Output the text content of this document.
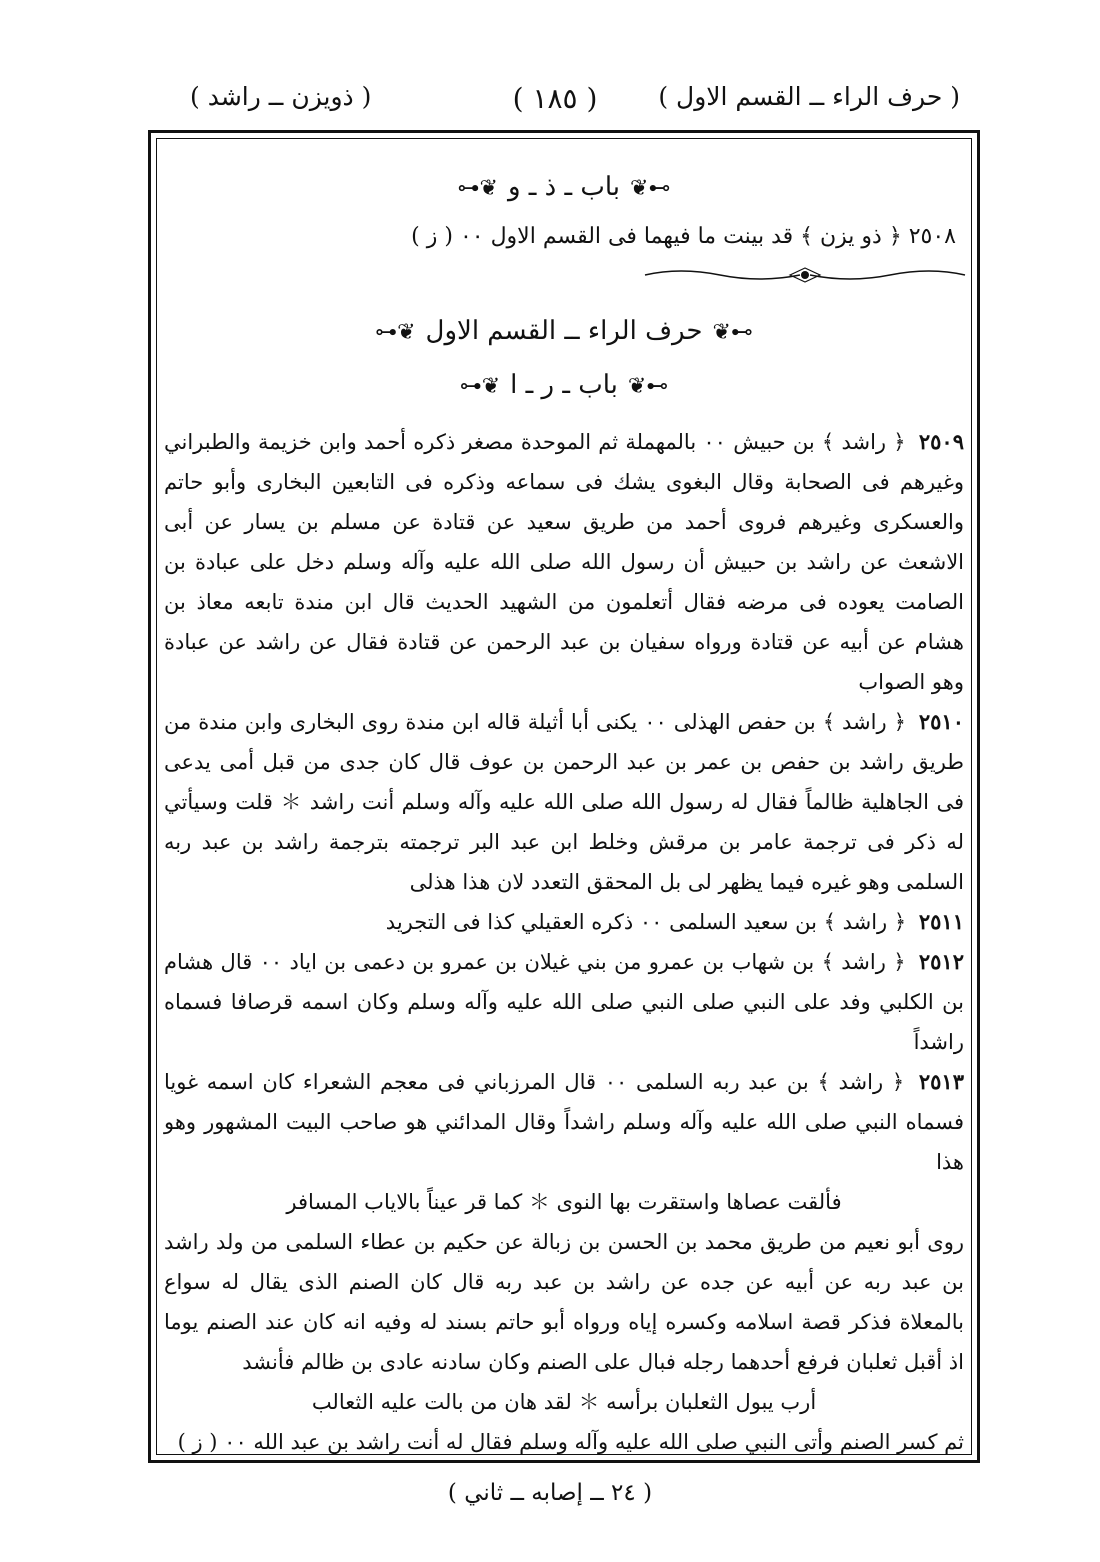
( حرف الراء ــ القسم الاول )
( ١٨٥ )
( ذويزن ــ راشد )
⊶❦باب ـ ذ ـ و❦⊷
٢٥٠٨ ﴿ ذو يزن ﴾ قد بينت ما فيهما فى القسم الاول ٠٠ ( ز )
⊶❦حرف الراء ــ القسم الاول❦⊷
⊶❦باب ـ ر ـ ا❦⊷

٢٥٠٩ ﴿ راشد ﴾ بن حبيش ٠٠ بالمهملة ثم الموحدة مصغر ذكره أحمد وابن خزيمة والطبراني وغيرهم فى الصحابة وقال البغوى يشك فى سماعه وذكره فى التابعين البخارى وأبو حاتم والعسكرى وغيرهم فروى أحمد من طريق سعيد عن قتادة عن مسلم بن يسار عن أبى الاشعث عن راشد بن حبيش أن رسول الله صلى الله عليه وآله وسلم دخل على عبادة بن الصامت يعوده فى مرضه فقال أتعلمون من الشهيد الحديث قال ابن مندة تابعه معاذ بن هشام عن أبيه عن قتادة ورواه سفيان بن عبد الرحمن عن قتادة فقال عن راشد عن عبادة وهو الصواب

٢٥١٠ ﴿ راشد ﴾ بن حفص الهذلى ٠٠ يكنى أبا أثيلة قاله ابن مندة روى البخارى وابن مندة من طريق راشد بن حفص بن عمر بن عبد الرحمن بن عوف قال كان جدى من قبل أمى يدعى فى الجاهلية ظالماً فقال له رسول الله صلى الله عليه وآله وسلم أنت راشد ＊ قلت وسيأتي له ذكر فى ترجمة عامر بن مرقش وخلط ابن عبد البر ترجمته بترجمة راشد بن عبد ربه السلمى وهو غيره فيما يظهر لى بل المحقق التعدد لان هذا هذلى

٢٥١١ ﴿ راشد ﴾ بن سعيد السلمى ٠٠ ذكره العقيلي كذا فى التجريد

٢٥١٢ ﴿ راشد ﴾ بن شهاب بن عمرو من بني غيلان بن عمرو بن دعمى بن اياد ٠٠ قال هشام بن الكلبي وفد على النبي صلى النبي صلى الله عليه وآله وسلم وكان اسمه قرصافا فسماه راشداً

٢٥١٣ ﴿ راشد ﴾ بن عبد ربه السلمى ٠٠ قال المرزباني فى معجم الشعراء كان اسمه غويا فسماه النبي صلى الله عليه وآله وسلم راشداً وقال المدائني هو صاحب البيت المشهور وهو هذا

فألقت عصاها واستقرت بها النوى ＊ كما قر عيناً بالاياب المسافر

روى أبو نعيم من طريق محمد بن الحسن بن زبالة عن حكيم بن عطاء السلمى من ولد راشد بن عبد ربه عن أبيه عن جده عن راشد بن عبد ربه قال كان الصنم الذى يقال له سواع بالمعلاة فذكر قصة اسلامه وكسره إياه ورواه أبو حاتم بسند له وفيه انه كان عند الصنم يوما اذ أقبل ثعلبان فرفع أحدهما رجله فبال على الصنم وكان سادنه عادى بن ظالم فأنشد

أرب يبول الثعلبان برأسه ＊ لقد هان من بالت عليه الثعالب

ثم كسر الصنم وأتى النبي صلى الله عليه وآله وسلم فقال له أنت راشد بن عبد الله ٠٠ ( ز )

( ٢٤ ــ إصابه ــ ثاني )
